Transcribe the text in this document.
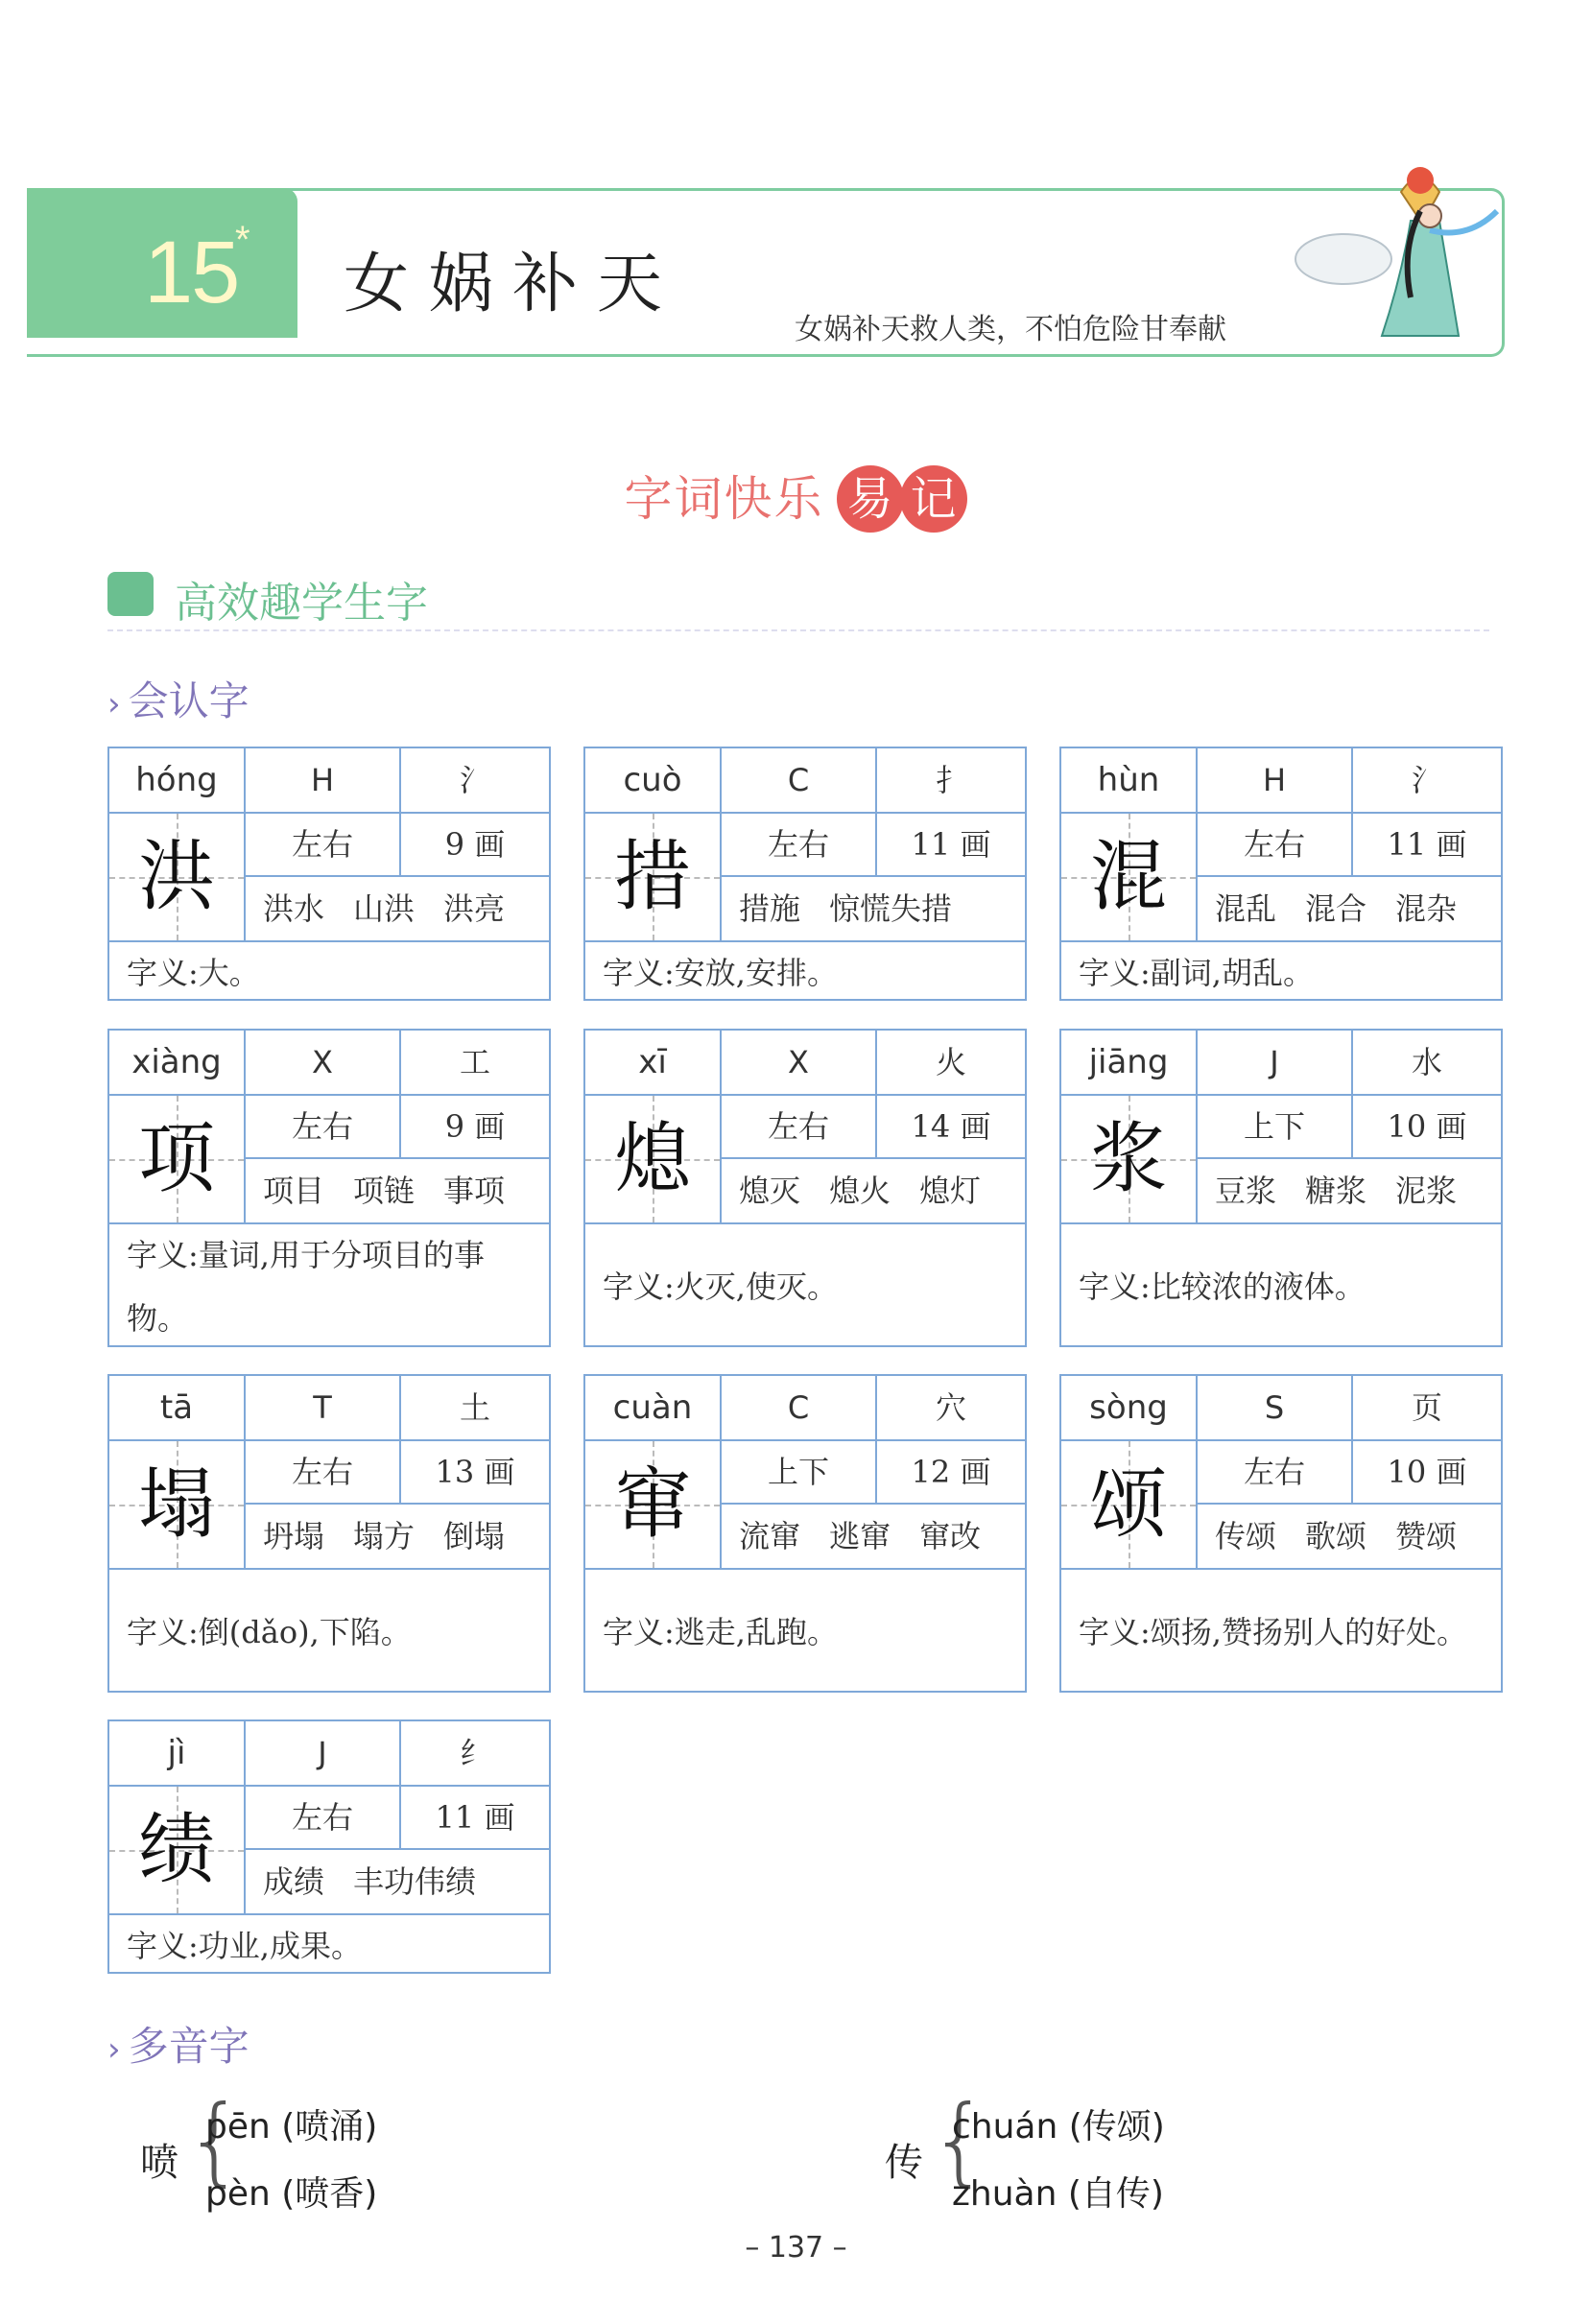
15
*
女娲补天
女娲补天救人类，不怕危险甘奉献
字词快乐 易 记
高效趣学生字
› 会认字
hóng	H	氵
洪	左右	9 画
洪水 山洪 洪亮
字义:大。
cuò	C	扌
措	左右	11 画
措施 惊慌失措
字义:安放,安排。
hùn	H	氵
混	左右	11 画
混乱 混合 混杂
字义:副词,胡乱。
xiàng	X	工
项	左右	9 画
项目 项链 事项
字义:量词,用于分项目的事物。
xī	X	火
熄	左右	14 画
熄灭 熄火 熄灯
字义:火灭,使灭。
jiāng	J	水
浆	上下	10 画
豆浆 糖浆 泥浆
字义:比较浓的液体。
tā	T	土
塌	左右	13 画
坍塌 塌方 倒塌
字义:倒(dǎo),下陷。
cuàn	C	穴
窜	上下	12 画
流窜 逃窜 窜改
字义:逃走,乱跑。
sòng	S	页
颂	左右	10 画
传颂 歌颂 赞颂
字义:颂扬,赞扬别人的好处。
jì	J	纟
绩	左右	11 画
成绩 丰功伟绩
字义:功业,成果。
› 多音字
喷 {
pēn (喷涌)
pèn (喷香)
传 {
chuán (传颂)
zhuàn (自传)
– 137 –
